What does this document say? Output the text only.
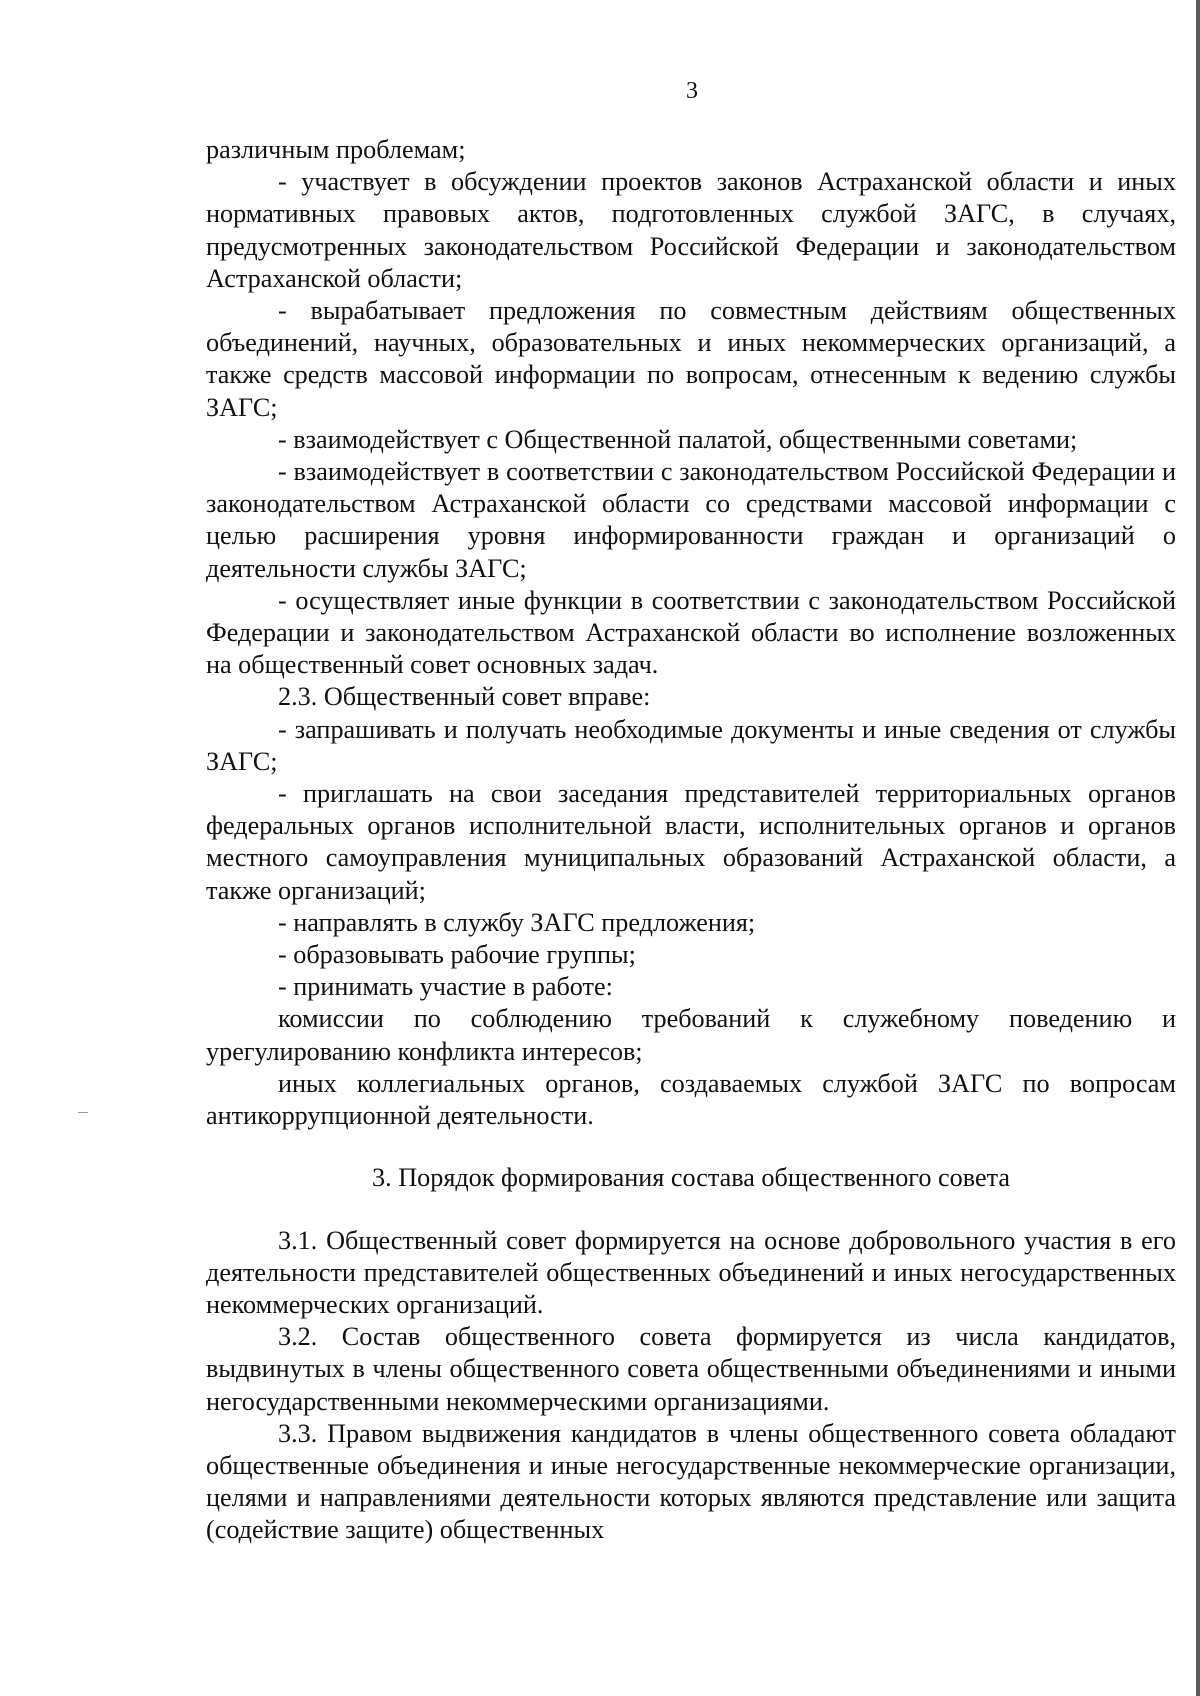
3

различным проблемам;

- участвует в обсуждении проектов законов Астраханской области и иных нормативных правовых актов, подготовленных службой ЗАГС, в случаях, предусмотренных законодательством Российской Федерации и законодательством Астраханской области;

- вырабатывает предложения по совместным действиям общественных объединений, научных, образовательных и иных некоммерческих организаций, а также средств массовой информации по вопросам, отнесенным к ведению службы ЗАГС;

- взаимодействует с Общественной палатой, общественными советами;

- взаимодействует в соответствии с законодательством Российской Федерации и законодательством Астраханской области со средствами массовой информации с целью расширения уровня информированности граждан и организаций о деятельности службы ЗАГС;

- осуществляет иные функции в соответствии с законодательством Российской Федерации и законодательством Астраханской области во исполнение возложенных на общественный совет основных задач.

2.3. Общественный совет вправе:

- запрашивать и получать необходимые документы и иные сведения от службы ЗАГС;

- приглашать на свои заседания представителей территориальных органов федеральных органов исполнительной власти, исполнительных органов и органов местного самоуправления муниципальных образований Астраханской области, а также организаций;

- направлять в службу ЗАГС предложения;

- образовывать рабочие группы;

- принимать участие в работе:

комиссии по соблюдению требований к служебному поведению и урегулированию конфликта интересов;

иных коллегиальных органов, создаваемых службой ЗАГС по вопросам антикоррупционной деятельности.

3. Порядок формирования состава общественного совета

3.1. Общественный совет формируется на основе добровольного участия в его деятельности представителей общественных объединений и иных негосударственных некоммерческих организаций.

3.2. Состав общественного совета формируется из числа кандидатов, выдвинутых в члены общественного совета общественными объединениями и иными негосударственными некоммерческими организациями.

3.3. Правом выдвижения кандидатов в члены общественного совета обладают общественные объединения и иные негосударственные некоммерческие организации, целями и направлениями деятельности которых являются представление или защита (содействие защите) общественных
